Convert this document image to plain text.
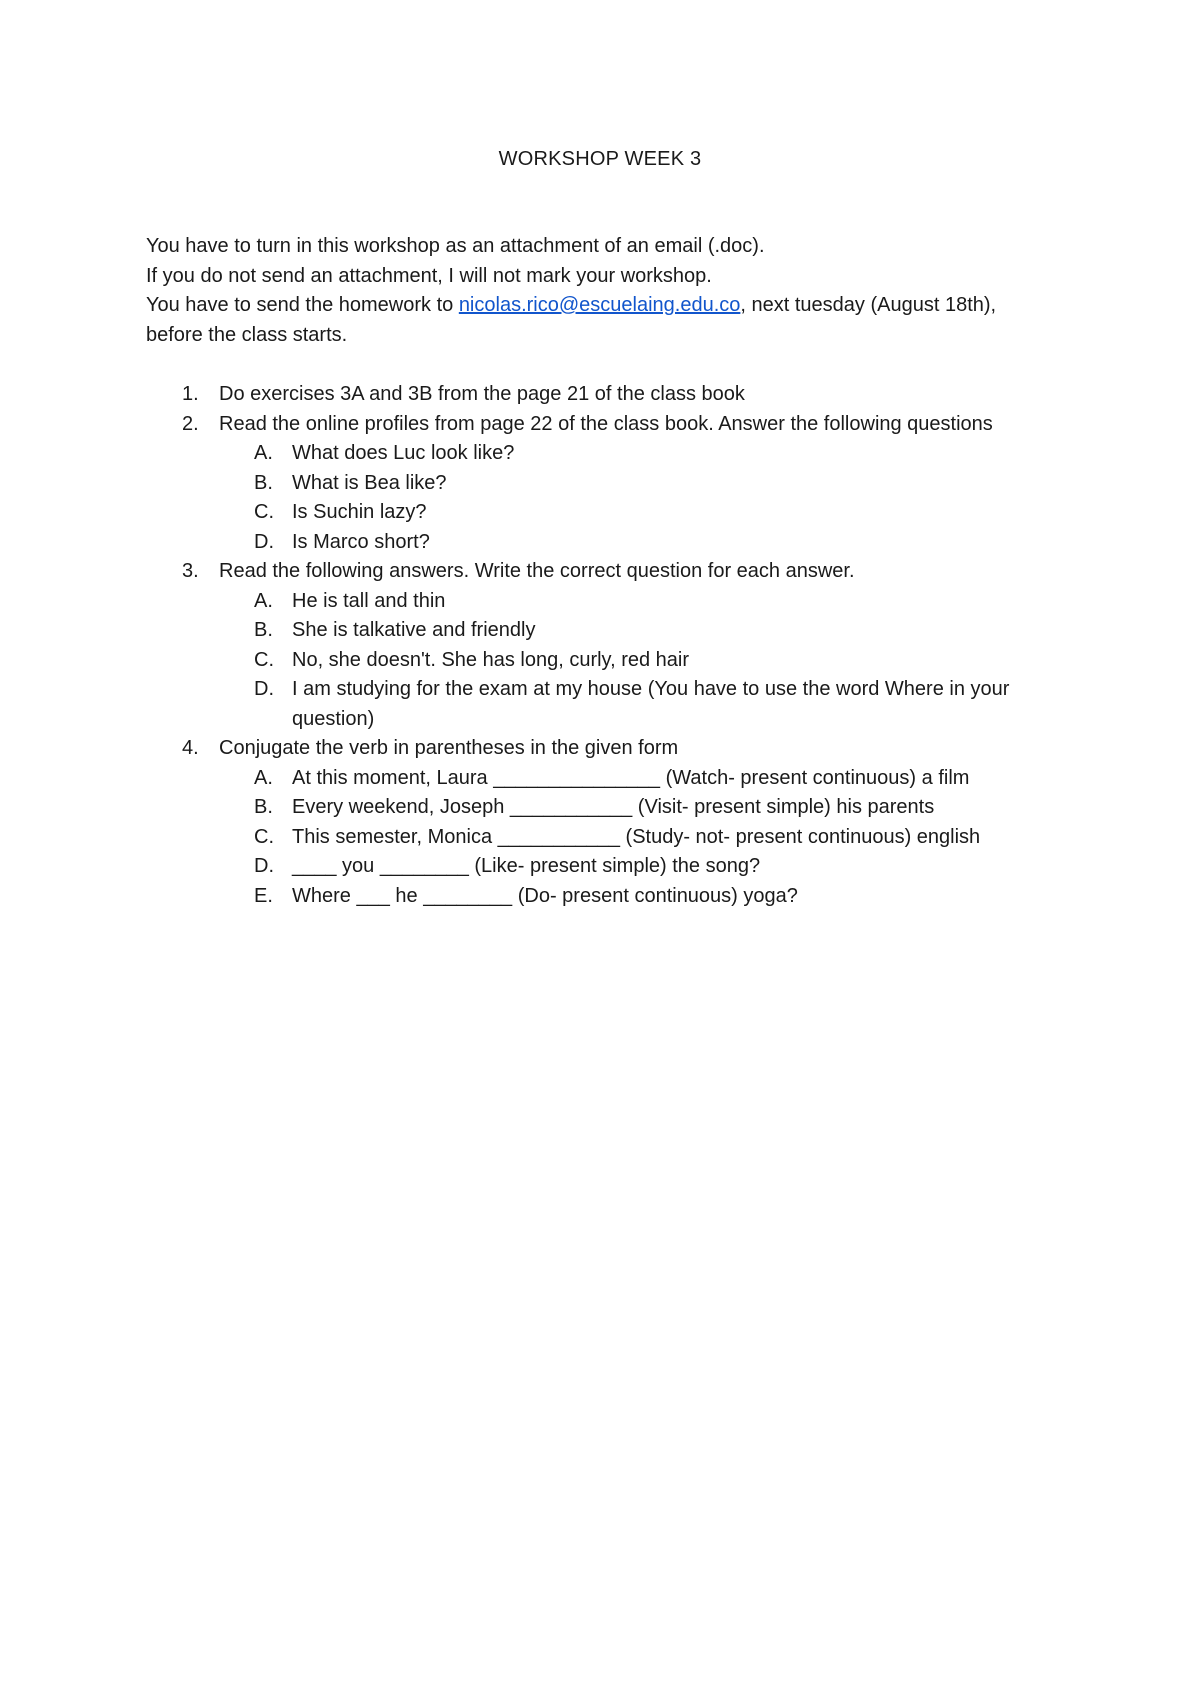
WORKSHOP WEEK 3

You have to turn in this workshop as an attachment of an email (.doc).

If you do not send an attachment, I will not mark your workshop.

You have to send the homework to nicolas.rico@escuelaing.edu.co, next tuesday (August 18th), before the class starts.

1. Do exercises 3A and 3B from the page 21 of the class book
2. Read the online profiles from page 22 of the class book. Answer the following questions
A. What does Luc look like?
B. What is Bea like?
C. Is Suchin lazy?
D. Is Marco short?
3. Read the following answers. Write the correct question for each answer.
A. He is tall and thin
B. She is talkative and friendly
C. No, she doesn't. She has long, curly, red hair
D. I am studying for the exam at my house (You have to use the word Where in your question)
4. Conjugate the verb in parentheses in the given form
A. At this moment, Laura _______________ (Watch- present continuous) a film
B. Every weekend, Joseph ___________ (Visit- present simple) his parents
C. This semester, Monica ___________ (Study- not- present continuous) english
D. ____ you ________ (Like- present simple) the song?
E. Where ___ he ________ (Do- present continuous) yoga?
